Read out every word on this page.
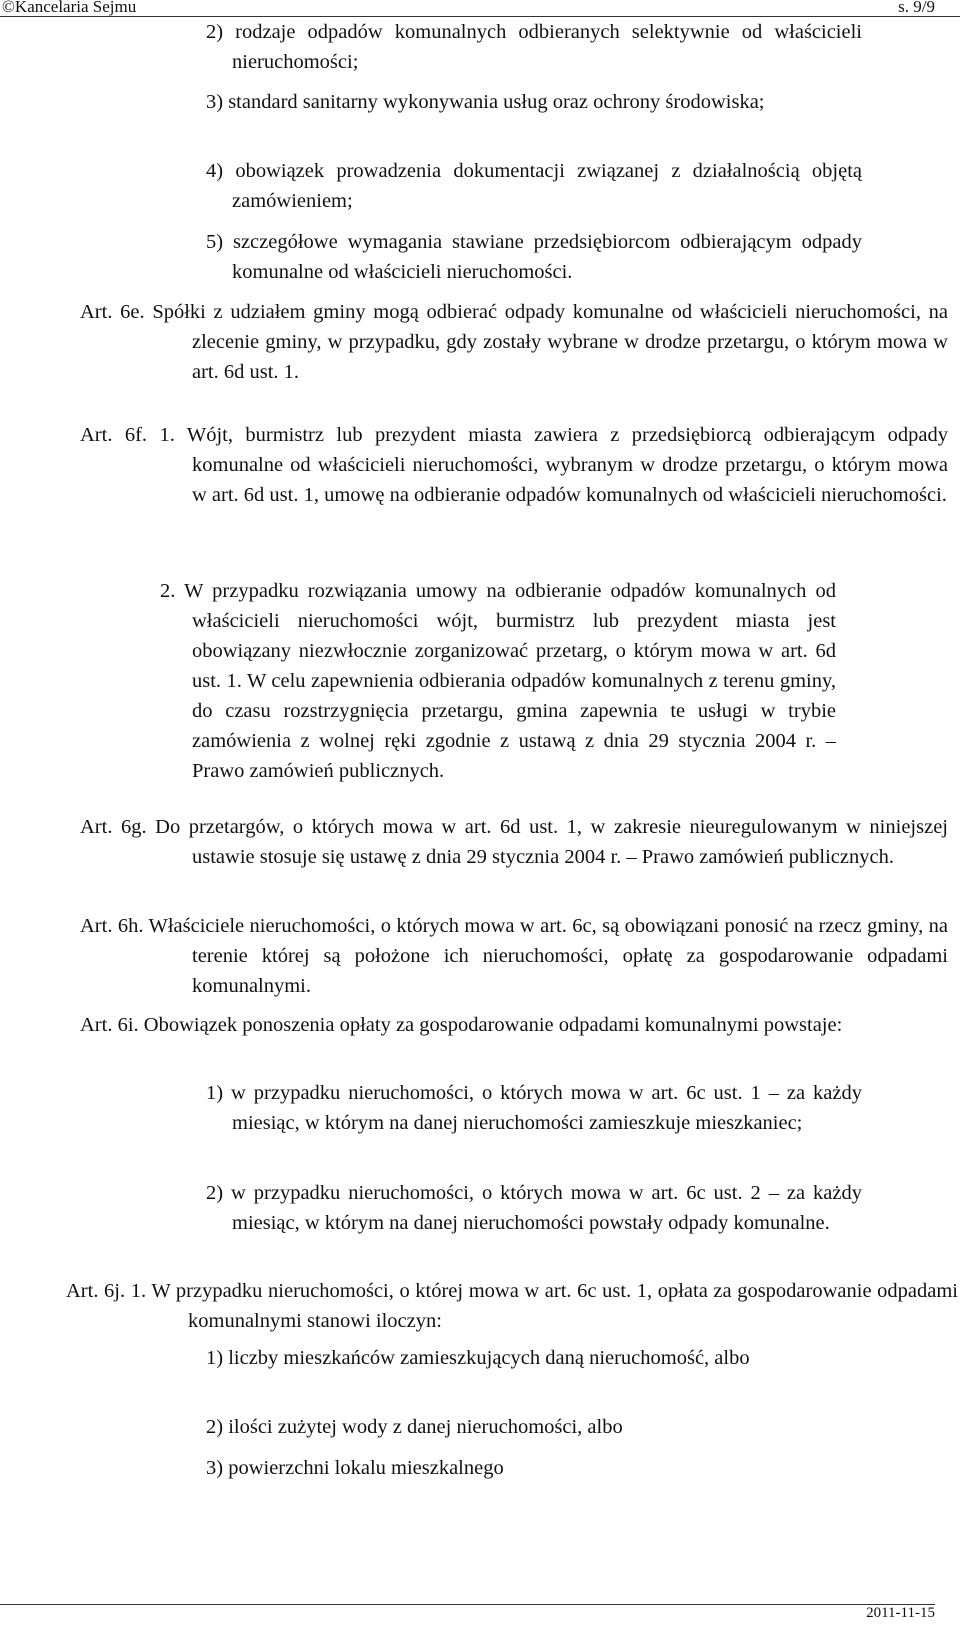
©Kancelaria Sejmu	s. 9/9
2) rodzaje odpadów komunalnych odbieranych selektywnie od właścicieli nieruchomości;
3) standard sanitarny wykonywania usług oraz ochrony środowiska;
4) obowiązek prowadzenia dokumentacji związanej z działalnością objętą zamówieniem;
5) szczegółowe wymagania stawiane przedsiębiorcom odbierającym odpady komunalne od właścicieli nieruchomości.
Art. 6e. Spółki z udziałem gminy mogą odbierać odpady komunalne od właścicieli nieruchomości, na zlecenie gminy, w przypadku, gdy zostały wybrane w drodze przetargu, o którym mowa w art. 6d ust. 1.
Art. 6f. 1. Wójt, burmistrz lub prezydent miasta zawiera z przedsiębiorcą odbierającym odpady komunalne od właścicieli nieruchomości, wybranym w drodze przetargu, o którym mowa w art. 6d ust. 1, umowę na odbieranie odpadów komunalnych od właścicieli nieruchomości.
2. W przypadku rozwiązania umowy na odbieranie odpadów komunalnych od właścicieli nieruchomości wójt, burmistrz lub prezydent miasta jest obowiązany niezwłocznie zorganizować przetarg, o którym mowa w art. 6d ust. 1. W celu zapewnienia odbierania odpadów komunalnych z terenu gminy, do czasu rozstrzygnięcia przetargu, gmina zapewnia te usługi w trybie zamówienia z wolnej ręki zgodnie z ustawą z dnia 29 stycznia 2004 r. – Prawo zamówień publicznych.
Art. 6g. Do przetargów, o których mowa w art. 6d ust. 1, w zakresie nieuregulowanym w niniejszej ustawie stosuje się ustawę z dnia 29 stycznia 2004 r. – Prawo zamówień publicznych.
Art. 6h. Właściciele nieruchomości, o których mowa w art. 6c, są obowiązani ponosić na rzecz gminy, na terenie której są położone ich nieruchomości, opłatę za gospodarowanie odpadami komunalnymi.
Art. 6i. Obowiązek ponoszenia opłaty za gospodarowanie odpadami komunalnymi powstaje:
1) w przypadku nieruchomości, o których mowa w art. 6c ust. 1 – za każdy miesiąc, w którym na danej nieruchomości zamieszkuje mieszkaniec;
2) w przypadku nieruchomości, o których mowa w art. 6c ust. 2 – za każdy miesiąc, w którym na danej nieruchomości powstały odpady komunalne.
Art. 6j. 1. W przypadku nieruchomości, o której mowa w art. 6c ust. 1, opłata za gospodarowanie odpadami komunalnymi stanowi iloczyn:
1) liczby mieszkańców zamieszkujących daną nieruchomość, albo
2) ilości zużytej wody z danej nieruchomości, albo
3) powierzchni lokalu mieszkalnego
2011-11-15
